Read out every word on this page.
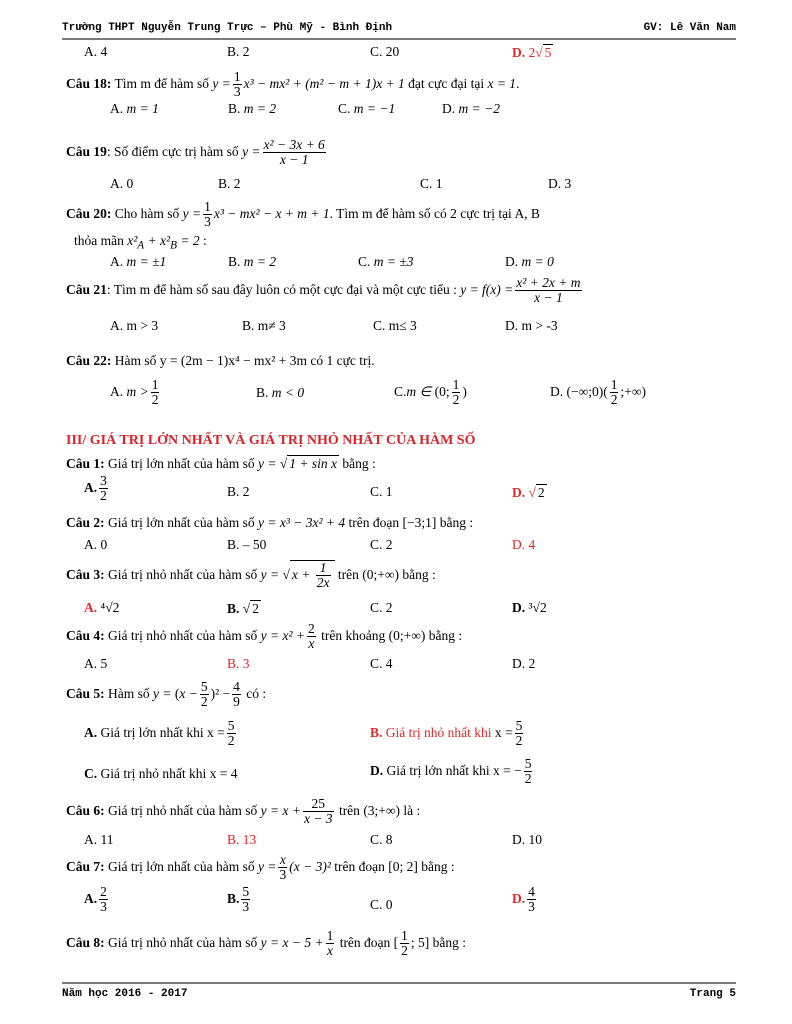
Trường THPT Nguyễn Trung Trực – Phù Mỹ - Bình Định	GV: Lê Văn Nam
A. 4	B. 2	C. 20	D. 2√ 5
Câu 18: Tìm m để hàm số $y = \frac{1}{3} x^3 - mx^2 + (m^2 - m + 1)x + 1$ đạt cực đại tại x = 1.
A. m = 1	B. m = 2	C. m = −1	D. m = −2
Câu 19: Số điểm cực trị hàm số $y = \frac{\text{x² − 3x + 6}}{x - 1}$
A. 0	B. 2	C. 1	D. 3
Câu 20: Cho hàm số $y = \frac{1}{3} x^3 - mx^2 - x + m + 1$. Tìm m để hàm số có 2 cực trị tại A, B
thỏa mãn $x^2_A + x^2_B = 2$ :
A. m = ±1	B. m = 2	C. m = ±3	D. m = 0
Câu 21: Tìm m để hàm số sau đây luôn có một cực đại và một cực tiểu : $y = f(x) = \frac{\text{x² + 2x + m}}{x - 1}$
A. m > 3	B. m≠ 3	C. m≤ 3	D. m > -3
Câu 22: Hàm số y = (2m − 1)x⁴ − mx² + 3m có 1 cực trị.
A. $m > \frac{1}{2}$	B. m < 0	C.m ∈ (0; $\frac{1}{2}$ )	D. (−∞;0)( $\frac{1}{2}$ ;+∞)
III/ GIÁ TRỊ LỚN NHẤT VÀ GIÁ TRỊ NHỎ NHẤT CỦA HÀM SỐ
Câu 1: Giá trị lớn nhất của hàm số y = √ 1 + sin x bằng :
A. $\frac{3}{2}$	B. 2	C. 1	D. √ 2
Câu 2: Giá trị lớn nhất của hàm số y = x³ − 3x² + 4 trên đoạn [−3;1] bằng :
A. 0	B. – 50	C. 2	D. 4
Câu 3: Giá trị nhỏ nhất của hàm số y = √ $x + \frac{1}{2x}$ trên (0;+∞) bằng :
A. ⁴√2	B. √ 2	C. 2	D. ³√2
Câu 4: Giá trị nhỏ nhất của hàm số $y = x^2 + \frac{2}{x}$ trên khoảng (0;+∞) bằng :
A. 5	B. 3	C. 4	D. 2
Câu 5: Hàm số $y = (x - \frac{5}{2} )^2 - \frac{4}{9}$ có :
A. Giá trị lớn nhất khi $x = \frac{5}{2}$	B. Giá trị nhỏ nhất khi $x = \frac{5}{2}$
C. Giá trị nhỏ nhất khi x = 4	D. Giá trị lớn nhất khi x = − $\frac{5}{2}$
Câu 6: Giá trị nhỏ nhất của hàm số $y = x + \frac{25}{x - 3}$ trên (3;+∞) là :
A. 11	B. 13	C. 8	D. 10
Câu 7: Giá trị lớn nhất của hàm số $y = \frac{x}{3} (x - 3)^2$ trên đoạn [0; 2] bằng :
A. $\frac{2}{3}$	B. $\frac{5}{3}$	C. 0	D. $\frac{4}{3}$
Câu 8: Giá trị nhỏ nhất của hàm số $y = x - 5 + \frac{1}{x}$ trên đoạn [ $\frac{1}{2}$ ; 5] bằng :
Năm học 2016 - 2017	Trang 5
